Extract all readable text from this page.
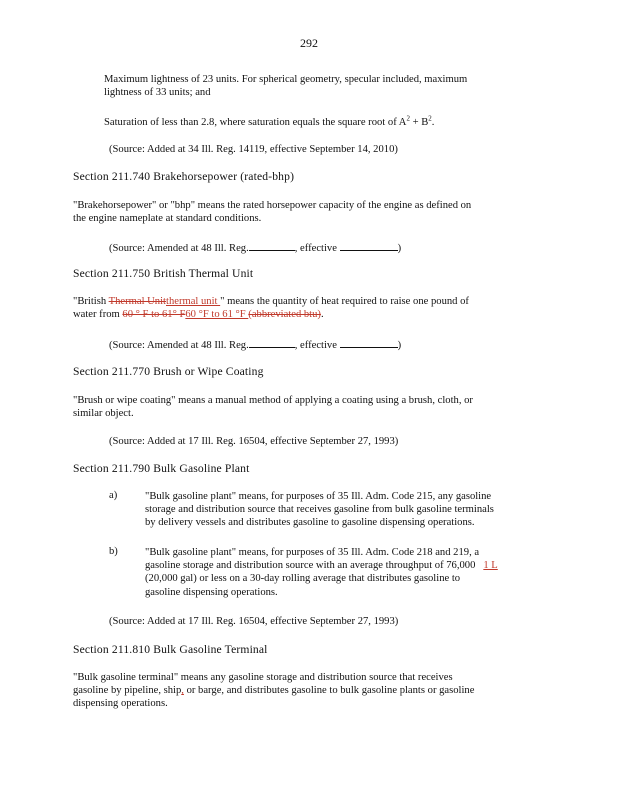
292
Maximum lightness of 23 units. For spherical geometry, specular included, maximum
lightness of 33 units; and
Saturation of less than 2.8, where saturation equals the square root of $A^2 + B^2$.
(Source: Added at 34 Ill. Reg. 14119, effective September 14, 2010)
Section 211.740 Brakehorsepower (rated-bhp)
"Brakehorsepower" or "bhp" means the rated horsepower capacity of the engine as defined on
the engine nameplate at standard conditions.
(Source: Amended at 48 Ill. Reg.	, effective	)
Section 211.750 British Thermal Unit
"British Thermal Unitthermal unit " means the quantity of heat required to raise one pound of
water from 60 ° F to 61° F60 °F to 61 °F (abbreviated btu).
(Source: Amended at 48 Ill. Reg.	, effective	)
Section 211.770 Brush or Wipe Coating
"Brush or wipe coating" means a manual method of applying a coating using a brush, cloth, or
similar object.
(Source: Added at 17 Ill. Reg. 16504, effective September 27, 1993)
Section 211.790 Bulk Gasoline Plant
a)	"Bulk gasoline plant" means, for purposes of 35 Ill. Adm. Code 215, any gasoline
storage and distribution source that receives gasoline from bulk gasoline terminals
by delivery vessels and distributes gasoline to gasoline dispensing operations.
b)	"Bulk gasoline plant" means, for purposes of 35 Ill. Adm. Code 218 and 219, a
gasoline storage and distribution source with an average throughput of 76,000   1 L
(20,000 gal) or less on a 30-day rolling average that distributes gasoline to
gasoline dispensing operations.
(Source: Added at 17 Ill. Reg. 16504, effective September 27, 1993)
Section 211.810 Bulk Gasoline Terminal
"Bulk gasoline terminal" means any gasoline storage and distribution source that receives
gasoline by pipeline, ship, or barge, and distributes gasoline to bulk gasoline plants or gasoline
dispensing operations.
